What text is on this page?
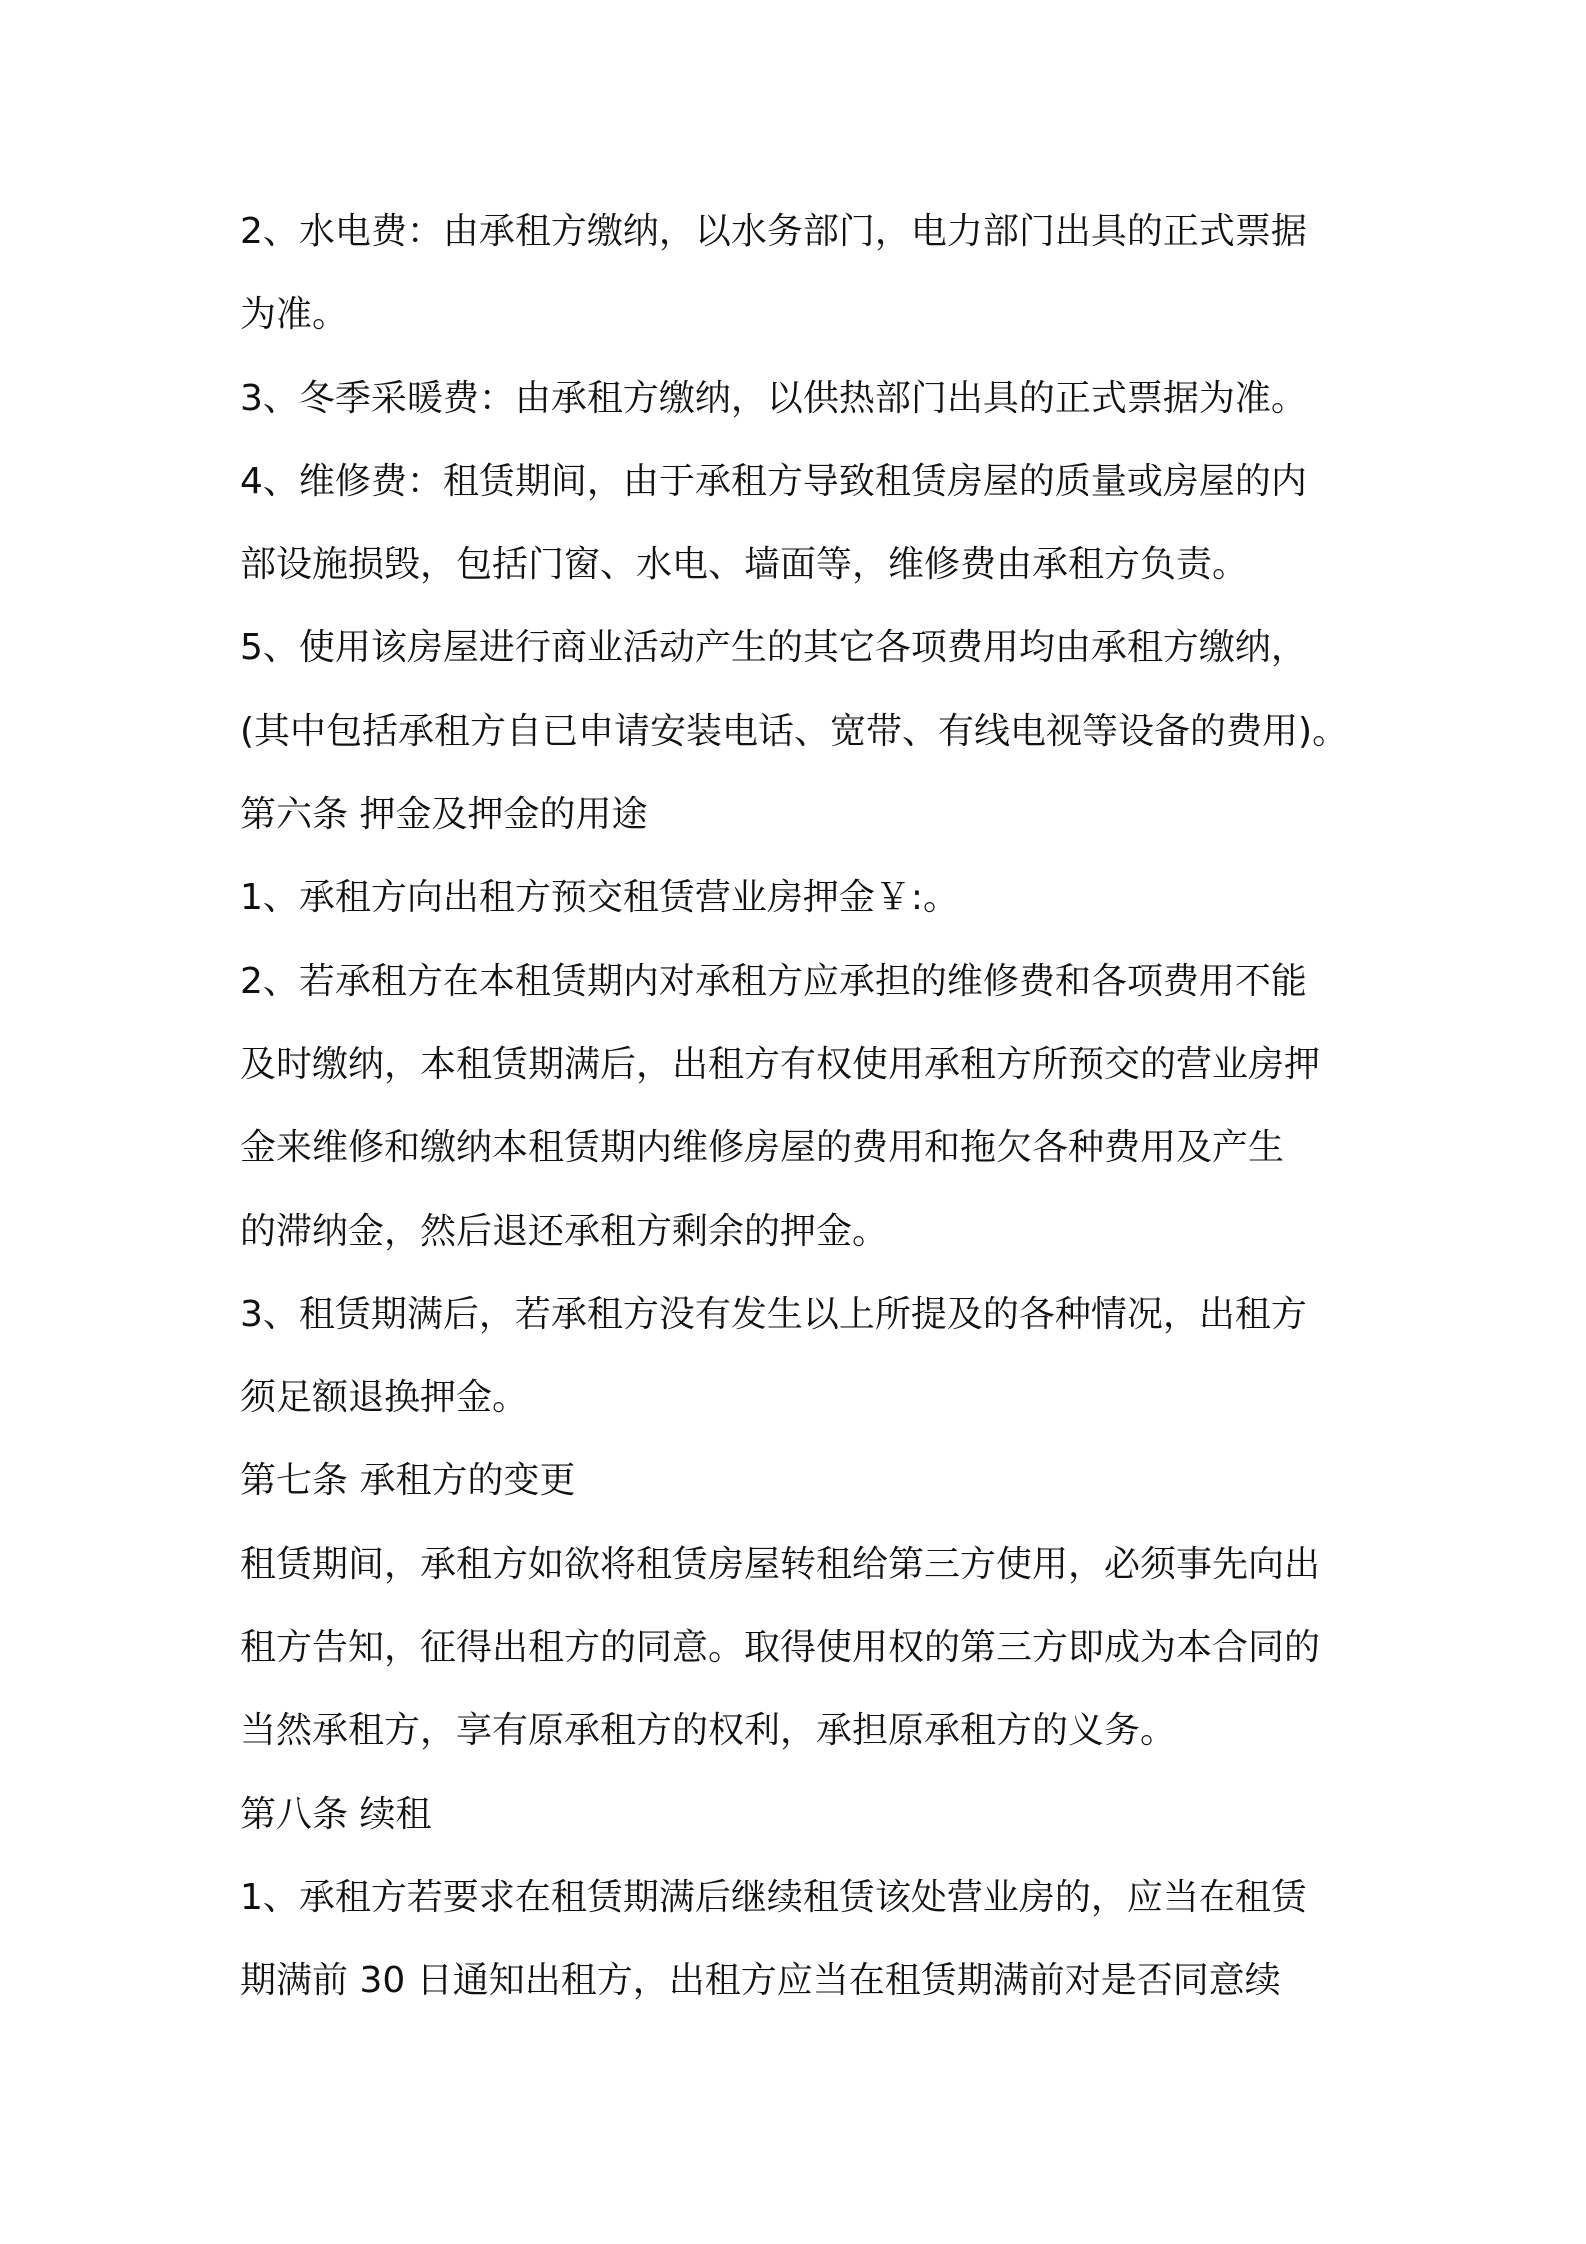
2、水电费：由承租方缴纳，以水务部门，电力部门出具的正式票据
为准。
3、冬季采暖费：由承租方缴纳，以供热部门出具的正式票据为准。
4、维修费：租赁期间，由于承租方导致租赁房屋的质量或房屋的内
部设施损毁，包括门窗、水电、墙面等，维修费由承租方负责。
5、使用该房屋进行商业活动产生的其它各项费用均由承租方缴纳，
(其中包括承租方自已申请安装电话、宽带、有线电视等设备的费用)。
第六条 押金及押金的用途
1、承租方向出租方预交租赁营业房押金￥:。
2、若承租方在本租赁期内对承租方应承担的维修费和各项费用不能
及时缴纳，本租赁期满后，出租方有权使用承租方所预交的营业房押
金来维修和缴纳本租赁期内维修房屋的费用和拖欠各种费用及产生
的滞纳金，然后退还承租方剩余的押金。
3、租赁期满后，若承租方没有发生以上所提及的各种情况，出租方
须足额退换押金。
第七条 承租方的变更
租赁期间，承租方如欲将租赁房屋转租给第三方使用，必须事先向出
租方告知，征得出租方的同意。取得使用权的第三方即成为本合同的
当然承租方，享有原承租方的权利，承担原承租方的义务。
第八条 续租
1、承租方若要求在租赁期满后继续租赁该处营业房的，应当在租赁
期满前 30 日通知出租方，出租方应当在租赁期满前对是否同意续
